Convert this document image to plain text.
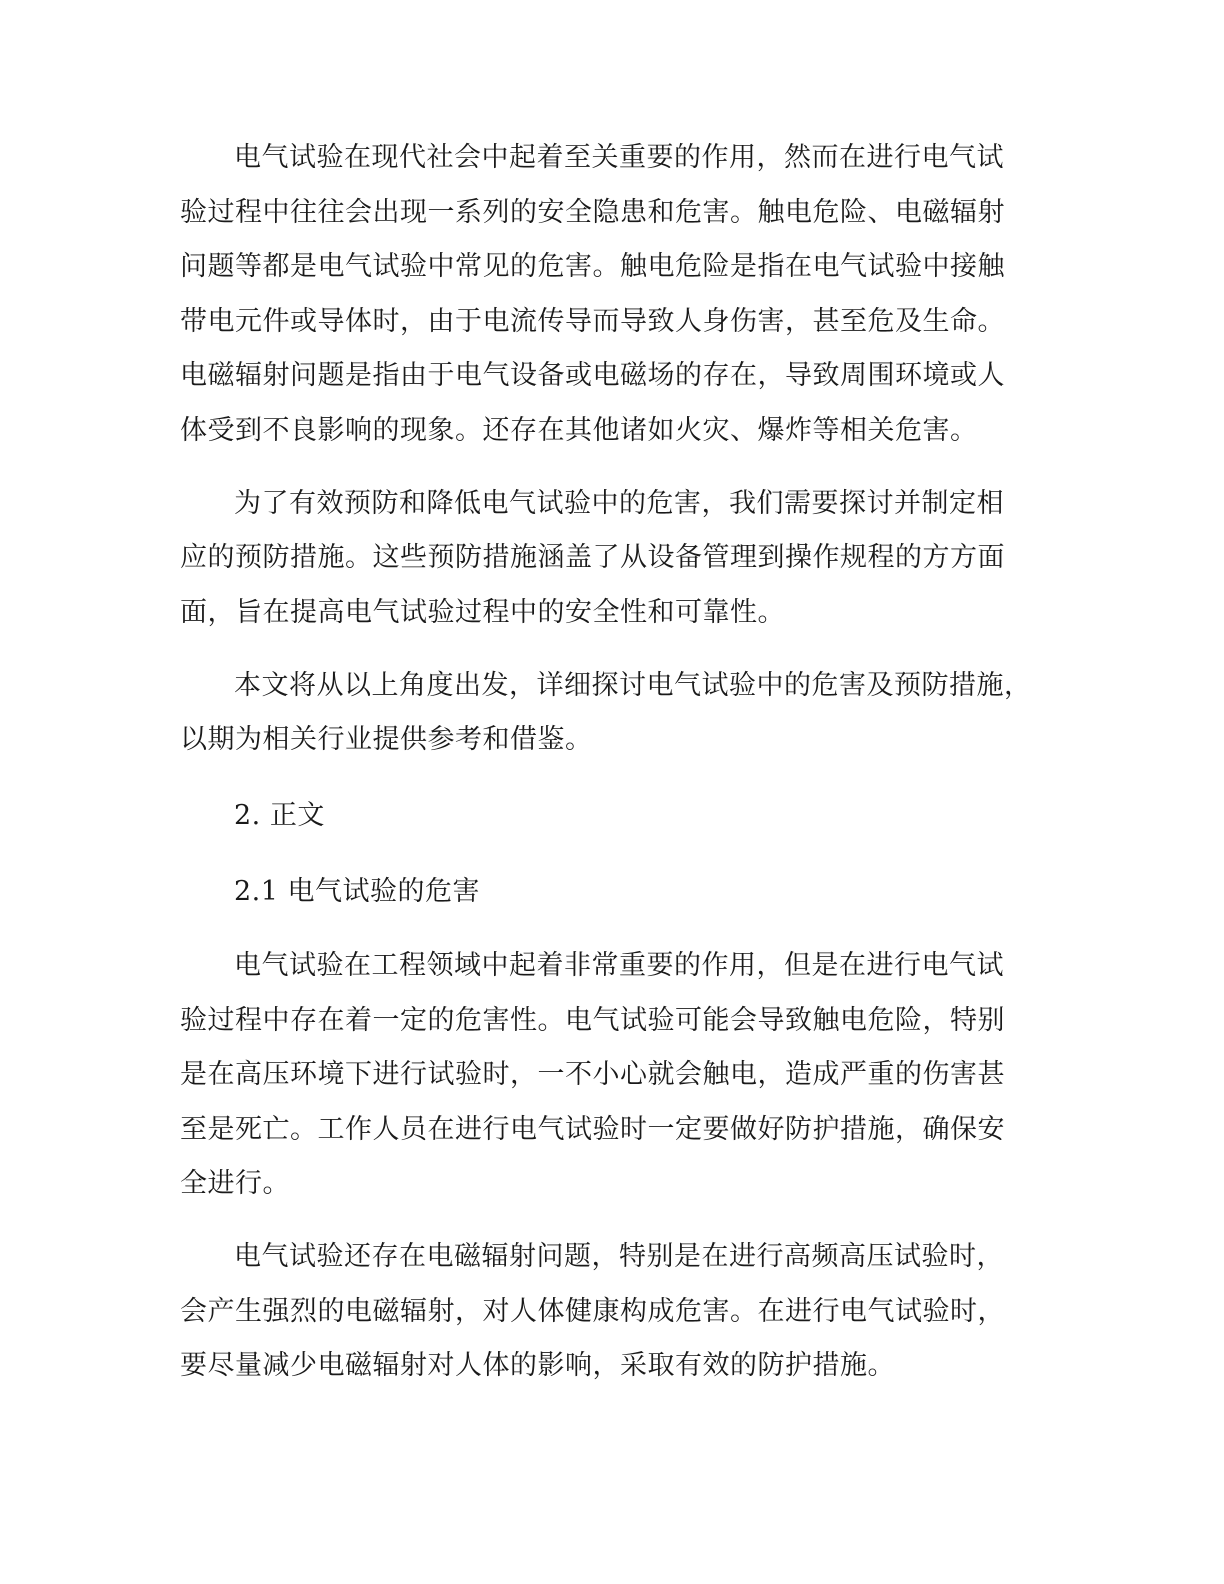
电气试验在现代社会中起着至关重要的作用，然而在进行电气试

验过程中往往会出现一系列的安全隐患和危害。触电危险、电磁辐射

问题等都是电气试验中常见的危害。触电危险是指在电气试验中接触

带电元件或导体时，由于电流传导而导致人身伤害，甚至危及生命。

电磁辐射问题是指由于电气设备或电磁场的存在，导致周围环境或人

体受到不良影响的现象。还存在其他诸如火灾、爆炸等相关危害。

为了有效预防和降低电气试验中的危害，我们需要探讨并制定相

应的预防措施。这些预防措施涵盖了从设备管理到操作规程的方方面

面，旨在提高电气试验过程中的安全性和可靠性。

本文将从以上角度出发，详细探讨电气试验中的危害及预防措施，

以期为相关行业提供参考和借鉴。

2. 正文

2.1 电气试验的危害

电气试验在工程领域中起着非常重要的作用，但是在进行电气试

验过程中存在着一定的危害性。电气试验可能会导致触电危险，特别

是在高压环境下进行试验时，一不小心就会触电，造成严重的伤害甚

至是死亡。工作人员在进行电气试验时一定要做好防护措施，确保安

全进行。

电气试验还存在电磁辐射问题，特别是在进行高频高压试验时，

会产生强烈的电磁辐射，对人体健康构成危害。在进行电气试验时，

要尽量减少电磁辐射对人体的影响，采取有效的防护措施。
